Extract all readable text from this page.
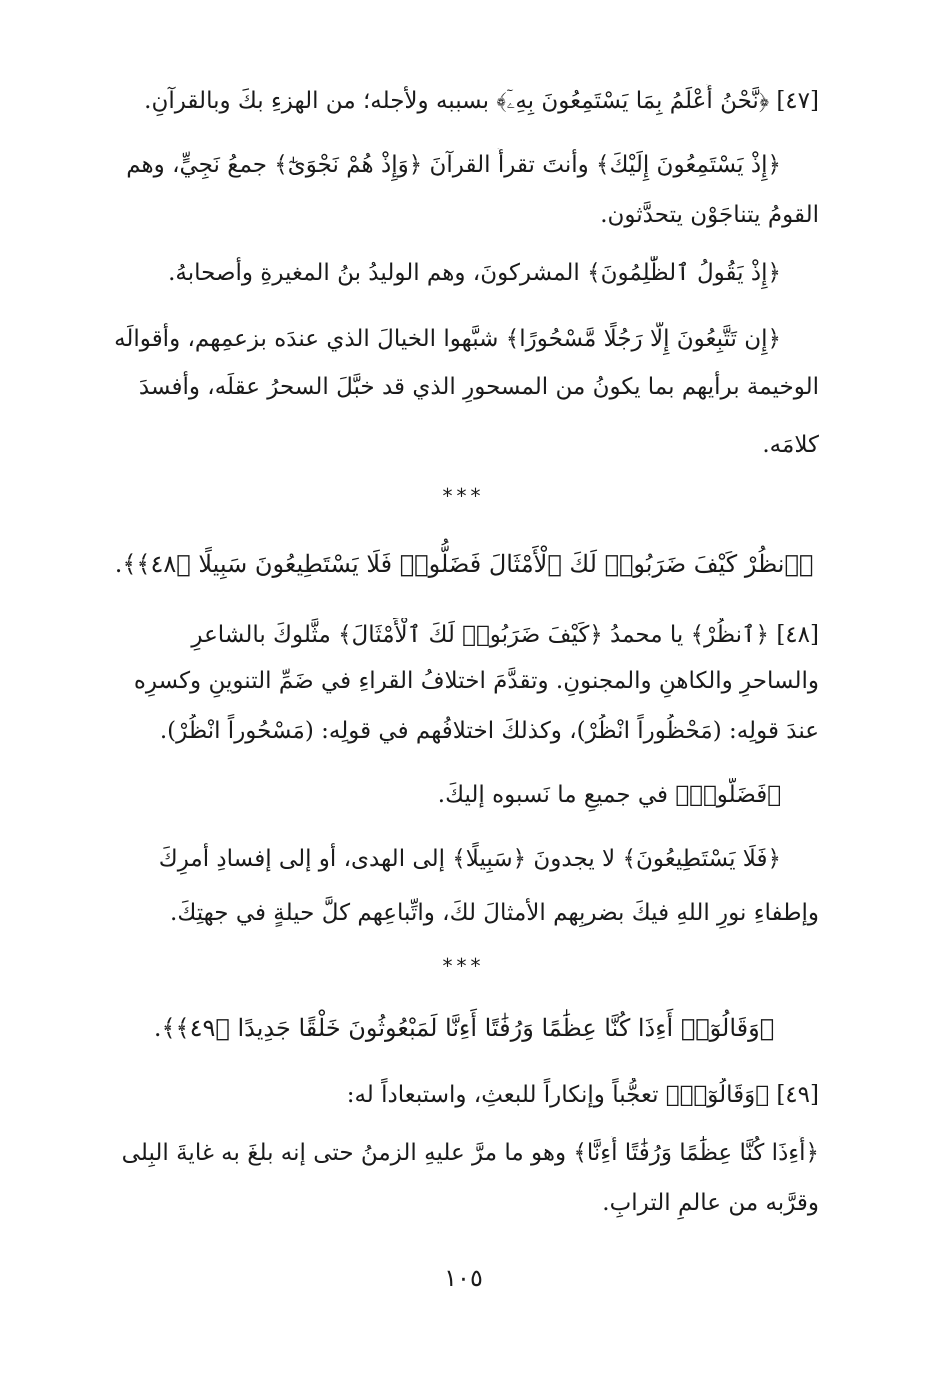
[٤٧] ﴿نَّحْنُ أَعْلَمُ بِمَا يَسْتَمِعُونَ بِهِۦٓ﴾ بسببه ولأجله؛ من الهزءِ بكَ وبالقرآنِ.
﴿إِذْ يَسْتَمِعُونَ إِلَيْكَ﴾ وأنتَ تقرأُ القرآنَ ﴿وَإِذْ هُمْ نَجْوَىٰٓ﴾ جمعُ نَجِيٍّ، وهم
القومُ يتناجَوْن يتحدَّثون.
﴿إِذْ يَقُولُ ٱلظَّٰلِمُونَ﴾ المشركونَ، وهم الوليدُ بنُ المغيرةِ وأصحابهُ.
﴿إِن تَتَّبِعُونَ إِلَّا رَجُلًا مَّسْحُورًا﴾ شبَّهوا الخيالَ الذي عندَه بزعمِهم، وأقوالَه
الوخيمة برأيهم بما يكونُ من المسحورِ الذي قد خبَّلَ السحرُ عقلَه، وأفسدَ
كلامَه.
***
﴿ٱنظُرْ كَيْفَ ضَرَبُوا۟ لَكَ ٱلْأَمْثَالَ فَضَلُّوا۟ فَلَا يَسْتَطِيعُونَ سَبِيلًا ﴿٤٨﴾﴾.
[٤٨] ﴿ٱنظُرْ﴾ يا محمدُ ﴿كَيْفَ ضَرَبُوا۟ لَكَ ٱلْأَمْثَالَ﴾ مثَّلوكَ بالشاعرِ
والساحرِ والكاهنِ والمجنونِ. وتقدَّمَ اختلافُ القراءِ في ضَمِّ التنوينِ وكسرِه
عندَ قولِه: (مَحْظُوراً انْظُرْ)، وكذلكَ اختلافُهم في قولِه: (مَسْحُوراً انْظُرْ).
﴿فَضَلُّوا۟﴾ في جميعِ ما نَسبوه إليكَ.
﴿فَلَا يَسْتَطِيعُونَ﴾ لا يجدونَ ﴿سَبِيلًا﴾ إلى الهدى، أو إلى إفسادِ أمرِكَ
وإطفاءِ نورِ اللهِ فيكَ بضربِهم الأمثالَ لكَ، واتِّباعِهم كلَّ حيلةٍ في جهتِكَ.
***
﴿وَقَالُوٓا۟ أَءِذَا كُنَّا عِظَٰمًا وَرُفَٰتًا أَءِنَّا لَمَبْعُوثُونَ خَلْقًا جَدِيدًا ﴿٤٩﴾﴾.
[٤٩] ﴿وَقَالُوٓا۟﴾ تعجُّباً وإنكاراً للبعثِ، واستبعاداً له:
﴿أَءِذَا كُنَّا عِظَٰمًا وَرُفَٰتًا أَءِنَّا﴾ وهو ما مرَّ عليهِ الزمنُ حتى إنه بلغَ به غايةَ البِلى
وقرَّبه من عالمِ الترابِ.
١٠٥
